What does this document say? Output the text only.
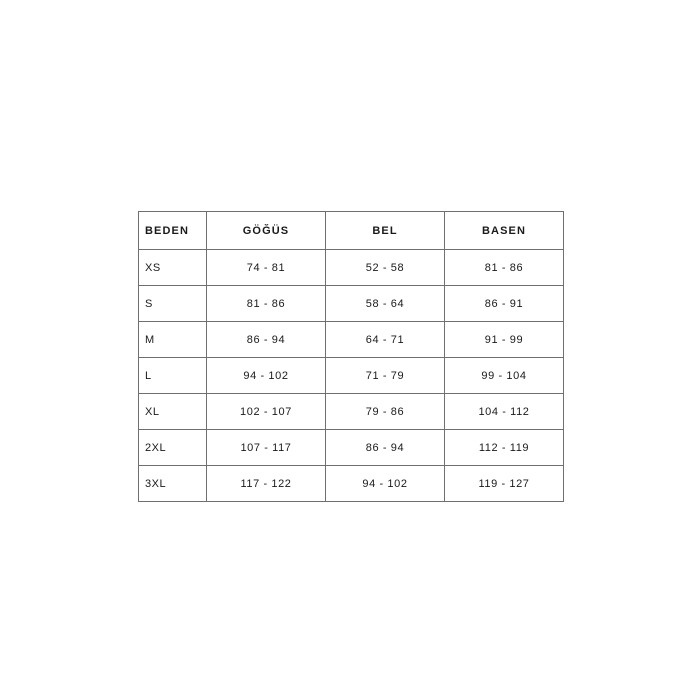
BEDEN	GÖĞÜS	BEL	BASEN
XS	74 - 81	52 - 58	81 - 86
S	81 - 86	58 - 64	86 - 91
M	86 - 94	64 - 71	91 - 99
L	94 - 102	71 - 79	99 - 104
XL	102 - 107	79 - 86	104 - 112
2XL	107 - 117	86 - 94	112 - 119
3XL	117 - 122	94 - 102	119 - 127
